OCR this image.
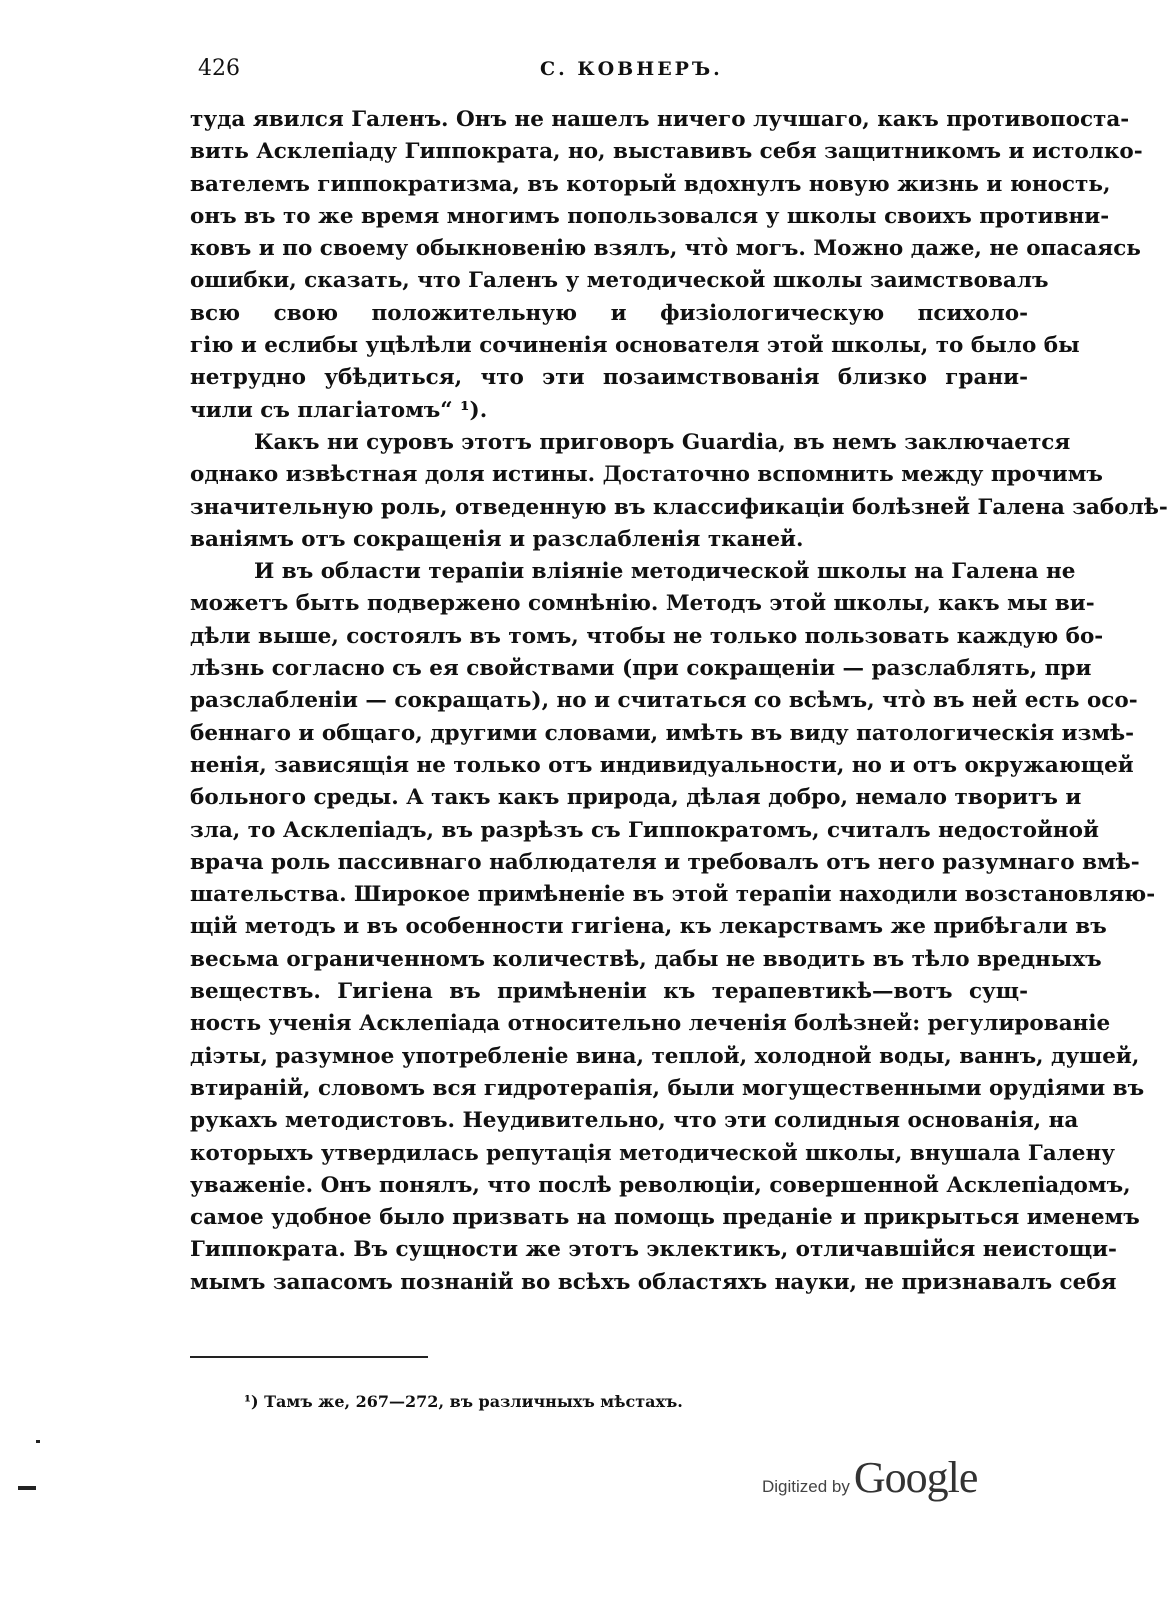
426	С. КОВНЕРЪ.
туда явился Галенъ. Онъ не нашелъ ничего лучшаго, какъ противопоста-
вить Асклепіаду Гиппократа, но, выставивъ себя защитникомъ и истолко-
вателемъ гиппократизма, въ который вдохнулъ новую жизнь и юность,
онъ въ то же время многимъ попользовался у школы своихъ противни-
ковъ и по своему обыкновенію взялъ, что̀ могъ. Можно даже, не опасаясь
ошибки, сказать, что Галенъ у методической школы заимствовалъ
всю свою положительную и физіологическую психоло-
гію и еслибы уцѣлѣли сочиненія основателя этой школы, то было бы
нетрудно убѣдиться, что эти позаимствованія близко грани-
чили съ плагіатомъ“ ¹).
Какъ ни суровъ этотъ приговоръ Guardia, въ немъ заключается
однако извѣстная доля истины. Достаточно вспомнить между прочимъ
значительную роль, отведенную въ классификаціи болѣзней Галена заболѣ-
ваніямъ отъ сокращенія и разслабленія тканей.
И въ области терапіи вліяніе методической школы на Галена не
можетъ быть подвержено сомнѣнію. Методъ этой школы, какъ мы ви-
дѣли выше, состоялъ въ томъ, чтобы не только пользовать каждую бо-
лѣзнь согласно съ ея свойствами (при сокращеніи — разслаблять, при
разслабленіи — сокращать), но и считаться со всѣмъ, что̀ въ ней есть осо-
беннаго и общаго, другими словами, имѣть въ виду патологическія измѣ-
ненія, зависящія не только отъ индивидуальности, но и отъ окружающей
больного среды. А такъ какъ природа, дѣлая добро, немало творитъ и
зла, то Асклепіадъ, въ разрѣзъ съ Гиппократомъ, считалъ недостойной
врача роль пассивнаго наблюдателя и требовалъ отъ него разумнаго вмѣ-
шательства. Широкое примѣненіе въ этой терапіи находили возстановляю-
щій методъ и въ особенности гигіена, къ лекарствамъ же прибѣгали въ
весьма ограниченномъ количествѣ, дабы не вводить въ тѣло вредныхъ
веществъ. Гигіена въ примѣненіи къ терапевтикѣ—вотъ сущ-
ность ученія Асклепіада относительно леченія болѣзней: регулированіе
діэты, разумное употребленіе вина, теплой, холодной воды, ваннъ, душей,
втираній, словомъ вся гидротерапія, были могущественными орудіями въ
рукахъ методистовъ. Неудивительно, что эти солидныя основанія, на
которыхъ утвердилась репутація методической школы, внушала Галену
уваженіе. Онъ понялъ, что послѣ революціи, совершенной Асклепіадомъ,
самое удобное было призвать на помощь преданіе и прикрыться именемъ
Гиппократа. Въ сущности же этотъ эклектикъ, отличавшійся неистощи-
мымъ запасомъ познаній во всѣхъ областяхъ науки, не признавалъ себя
¹) Тамъ же, 267—272, въ различныхъ мѣстахъ.
Digitized by Google
